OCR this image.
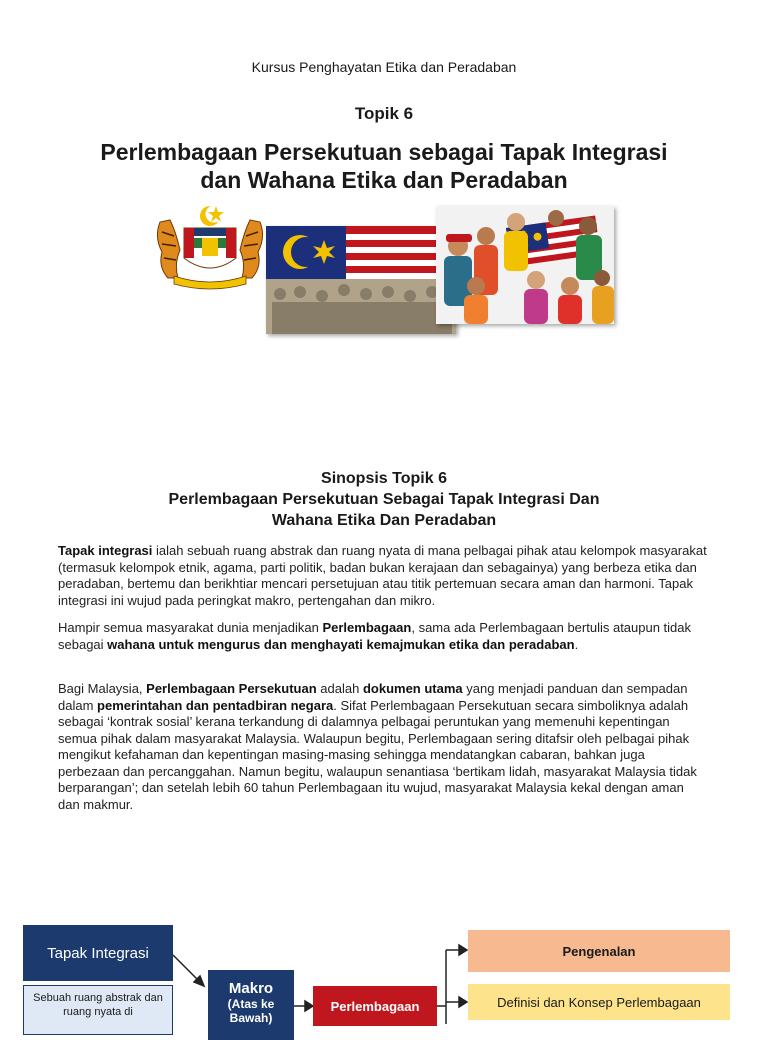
Kursus Penghayatan Etika dan Peradaban
Topik 6
Perlembagaan Persekutuan sebagai Tapak Integrasi
dan Wahana Etika dan Peradaban
Sinopsis Topik 6
Perlembagaan Persekutuan Sebagai Tapak Integrasi Dan
Wahana Etika Dan Peradaban

Tapak integrasi ialah sebuah ruang abstrak dan ruang nyata di mana pelbagai pihak atau kelompok masyarakat (termasuk kelompok etnik, agama, parti politik, badan bukan kerajaan dan sebagainya) yang berbeza etika dan peradaban, bertemu dan berikhtiar mencari persetujuan atau titik pertemuan secara aman dan harmoni. Tapak integrasi ini wujud pada peringkat makro, pertengahan dan mikro.

Hampir semua masyarakat dunia menjadikan Perlembagaan, sama ada Perlembagaan bertulis ataupun tidak sebagai wahana untuk mengurus dan menghayati kemajmukan etika dan peradaban.

Bagi Malaysia, Perlembagaan Persekutuan adalah dokumen utama yang menjadi panduan dan sempadan dalam pemerintahan dan pentadbiran negara. Sifat Perlembagaan Persekutuan secara simboliknya adalah sebagai ‘kontrak sosial’ kerana terkandung di dalamnya pelbagai peruntukan yang memenuhi kepentingan semua pihak dalam masyarakat Malaysia. Walaupun begitu, Perlembagaan sering ditafsir oleh pelbagai pihak mengikut kefahaman dan kepentingan masing-masing sehingga mendatangkan cabaran, bahkan juga perbezaan dan percanggahan. Namun begitu, walaupun senantiasa ‘bertikam lidah, masyarakat Malaysia tidak berparangan’; dan setelah lebih 60 tahun Perlembagaan itu wujud, masyarakat Malaysia kekal dengan aman dan makmur.

Tapak Integrasi
Sebuah ruang abstrak dan ruang nyata di
Makro
(Atas ke Bawah)
Perlembagaan
Pengenalan
Definisi dan Konsep Perlembagaan
